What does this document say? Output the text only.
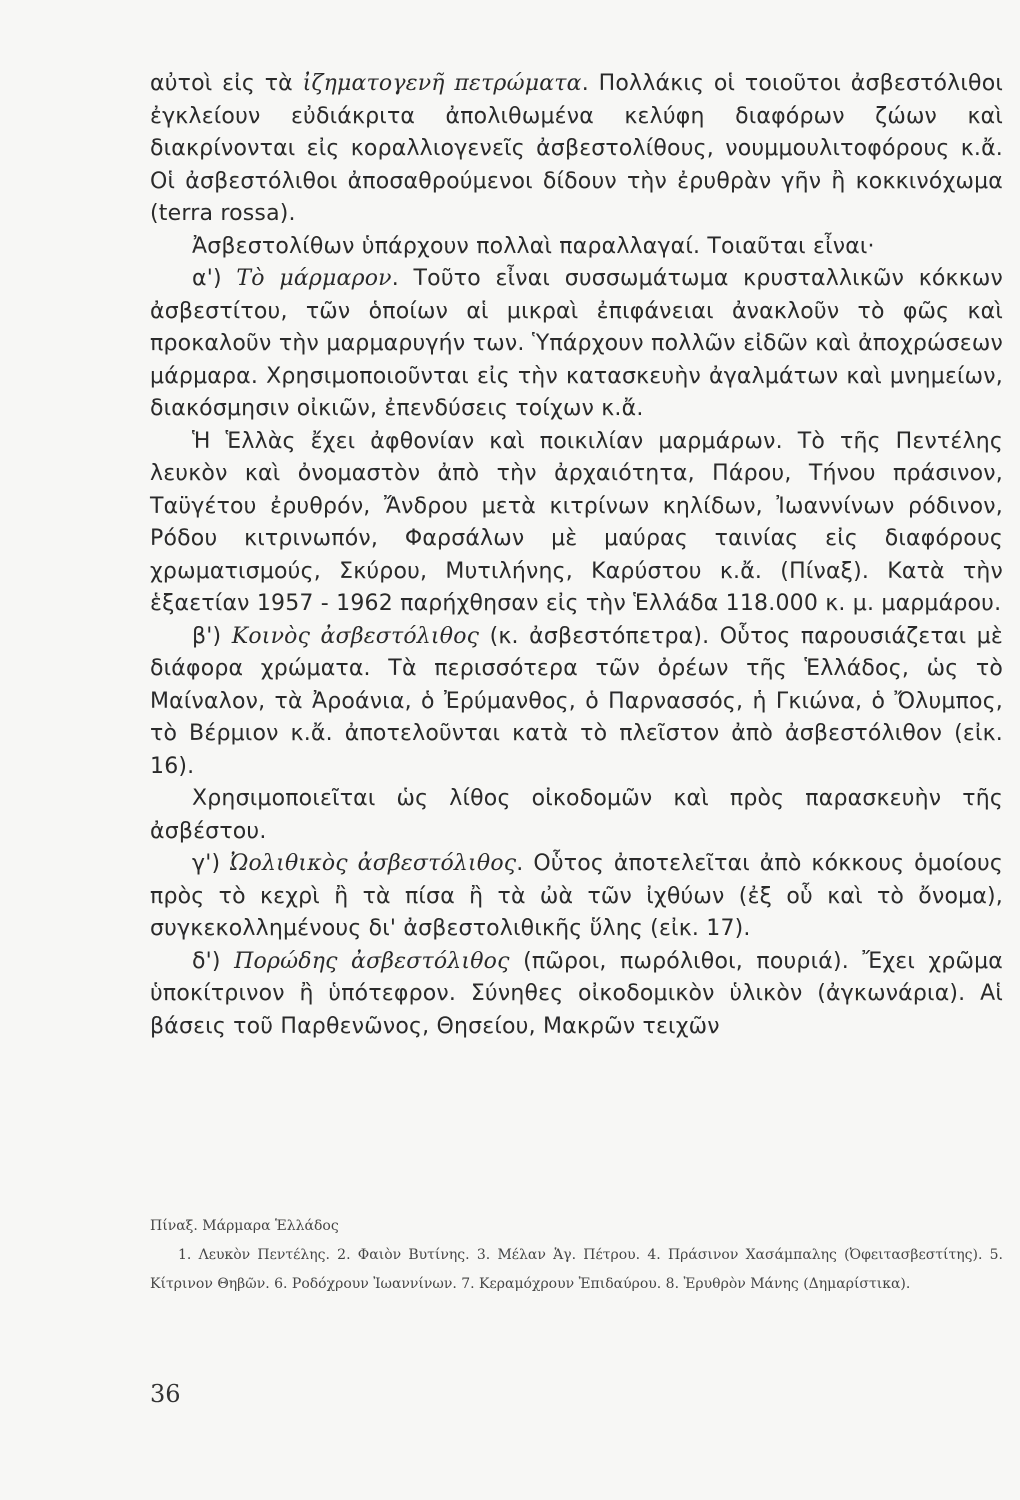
αὐτοὶ εἰς τὰ ἰζηματογενῆ πετρώματα. Πολλάκις οἱ τοιοῦτοι ἀσβεστόλιθοι ἐγκλείουν εὐδιάκριτα ἀπολιθωμένα κελύφη διαφόρων ζώων καὶ διακρίνονται εἰς κοραλλιογενεῖς ἀσβεστολίθους, νουμμουλιτοφόρους κ.ἄ. Οἱ ἀσβεστόλιθοι ἀποσαθρούμενοι δίδουν τὴν ἐρυθρὰν γῆν ἢ κοκκινόχωμα (terra rossa).

Ἀσβεστολίθων ὑπάρχουν πολλαὶ παραλλαγαί. Τοιαῦται εἶναι·

α') Τὸ μάρμαρον. Τοῦτο εἶναι συσσωμάτωμα κρυσταλλικῶν κόκκων ἀσβεστίτου, τῶν ὁποίων αἱ μικραὶ ἐπιφάνειαι ἀνακλοῦν τὸ φῶς καὶ προκαλοῦν τὴν μαρμαρυγήν των. Ὑπάρχουν πολλῶν εἰδῶν καὶ ἀποχρώσεων μάρμαρα. Χρησιμοποιοῦνται εἰς τὴν κατασκευὴν ἀγαλμάτων καὶ μνημείων, διακόσμησιν οἰκιῶν, ἐπενδύσεις τοίχων κ.ἄ.

Ἡ Ἑλλὰς ἔχει ἀφθονίαν καὶ ποικιλίαν μαρμάρων. Τὸ τῆς Πεντέλης λευκὸν καὶ ὀνομαστὸν ἀπὸ τὴν ἀρχαιότητα, Πάρου, Τήνου πράσινον, Ταϋγέτου ἐρυθρόν, Ἄνδρου μετὰ κιτρίνων κηλίδων, Ἰωαννίνων ρόδινον, Ρόδου κιτρινωπόν, Φαρσάλων μὲ μαύρας ταινίας εἰς διαφόρους χρωματισμούς, Σκύρου, Μυτιλήνης, Καρύστου κ.ἄ. (Πίναξ). Κατὰ τὴν ἑξαετίαν 1957 - 1962 παρήχθησαν εἰς τὴν Ἑλλάδα 118.000 κ. μ. μαρμάρου.

β') Κοινὸς ἀσβεστόλιθος (κ. ἀσβεστόπετρα). Οὗτος παρουσιάζεται μὲ διάφορα χρώματα. Τὰ περισσότερα τῶν ὀρέων τῆς Ἑλλάδος, ὡς τὸ Μαίναλον, τὰ Ἀροάνια, ὁ Ἐρύμανθος, ὁ Παρνασσός, ἡ Γκιώνα, ὁ Ὄλυμπος, τὸ Βέρμιον κ.ἄ. ἀποτελοῦνται κατὰ τὸ πλεῖστον ἀπὸ ἀσβεστόλιθον (εἰκ. 16).

Χρησιμοποιεῖται ὡς λίθος οἰκοδομῶν καὶ πρὸς παρασκευὴν τῆς ἀσβέστου.

γ') Ὠολιθικὸς ἀσβεστόλιθος. Οὗτος ἀποτελεῖται ἀπὸ κόκκους ὁμοίους πρὸς τὸ κεχρὶ ἢ τὰ πίσα ἢ τὰ ὠὰ τῶν ἰχθύων (ἐξ οὗ καὶ τὸ ὄνομα), συγκεκολλημένους δι' ἀσβεστολιθικῆς ὕλης (εἰκ. 17).

δ') Πορώδης ἀσβεστόλιθος (πῶροι, πωρόλιθοι, πουριά). Ἔχει χρῶμα ὑποκίτρινον ἢ ὑπότεφρον. Σύνηθες οἰκοδομικὸν ὑλικὸν (ἀγκωνάρια). Αἱ βάσεις τοῦ Παρθενῶνος, Θησείου, Μακρῶν τειχῶν

Πίναξ. Μάρμαρα Ἑλλάδος

1. Λευκὸν Πεντέλης. 2. Φαιὸν Βυτίνης. 3. Μέλαν Ἁγ. Πέτρου. 4. Πράσινον Χασάμπαλης (Ὀφειτασβεστίτης). 5. Κίτρινον Θηβῶν. 6. Ροδόχρουν Ἰωαννίνων. 7. Κεραμόχρουν Ἐπιδαύρου. 8. Ἐρυθρὸν Μάνης (Δημαρίστικα).

36
